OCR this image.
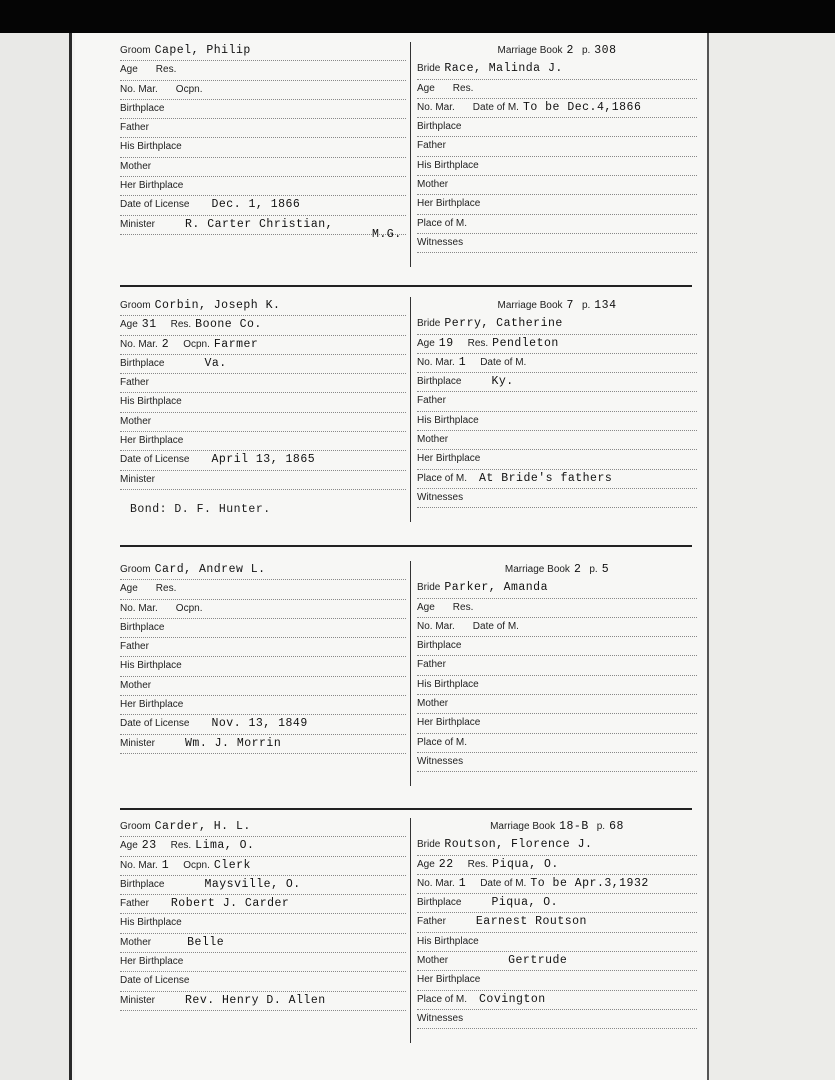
Groom Capel, Philip
Age Res.
No. Mar. Ocpn.
Birthplace
Father
His Birthplace
Mother
Her Birthplace
Date of License Dec. 1, 1866
Minister	R. Carter Christian,
M.G.
Marriage Book 2 p. 308
Bride Race, Malinda J.
Age Res.
No. Mar. Date of M. To be Dec.4,1866
Birthplace
Father
His Birthplace
Mother
Her Birthplace
Place of M.
Witnesses
Groom Corbin, Joseph K.
Age 31 Res. Boone Co.
No. Mar. 2 Ocpn. Farmer
Birthplace	Va.
Father
His Birthplace
Mother
Her Birthplace
Date of License April 13, 1865
Minister
Marriage Book 7 p. 134
Bride Perry, Catherine
Age 19 Res. Pendleton
No. Mar. 1 Date of M.
Birthplace	Ky.
Father
His Birthplace
Mother
Her Birthplace
Place of M. At Bride's fathers
Witnesses
Bond: D. F. Hunter.
Groom Card, Andrew L.
Age Res.
No. Mar. Ocpn.
Birthplace
Father
His Birthplace
Mother
Her Birthplace
Date of License Nov. 13, 1849
Minister	Wm. J. Morrin
Marriage Book 2 p. 5
Bride Parker, Amanda
Age Res.
No. Mar. Date of M.
Birthplace
Father
His Birthplace
Mother
Her Birthplace
Place of M.
Witnesses
Groom Carder, H. L.
Age 23 Res. Lima, O.
No. Mar. 1 Ocpn. Clerk
Birthplace	Maysville, O.
Father Robert J. Carder
His Birthplace
Mother	Belle
Her Birthplace
Date of License
Minister	Rev. Henry D. Allen
Marriage Book 18-B p. 68
Bride Routson, Florence J.
Age 22 Res. Piqua, O.
No. Mar. 1 Date of M. To be Apr.3,1932
Birthplace	Piqua, O.
Father	Earnest Routson
His Birthplace
Mother	Gertrude
Her Birthplace
Place of M. Covington
Witnesses
